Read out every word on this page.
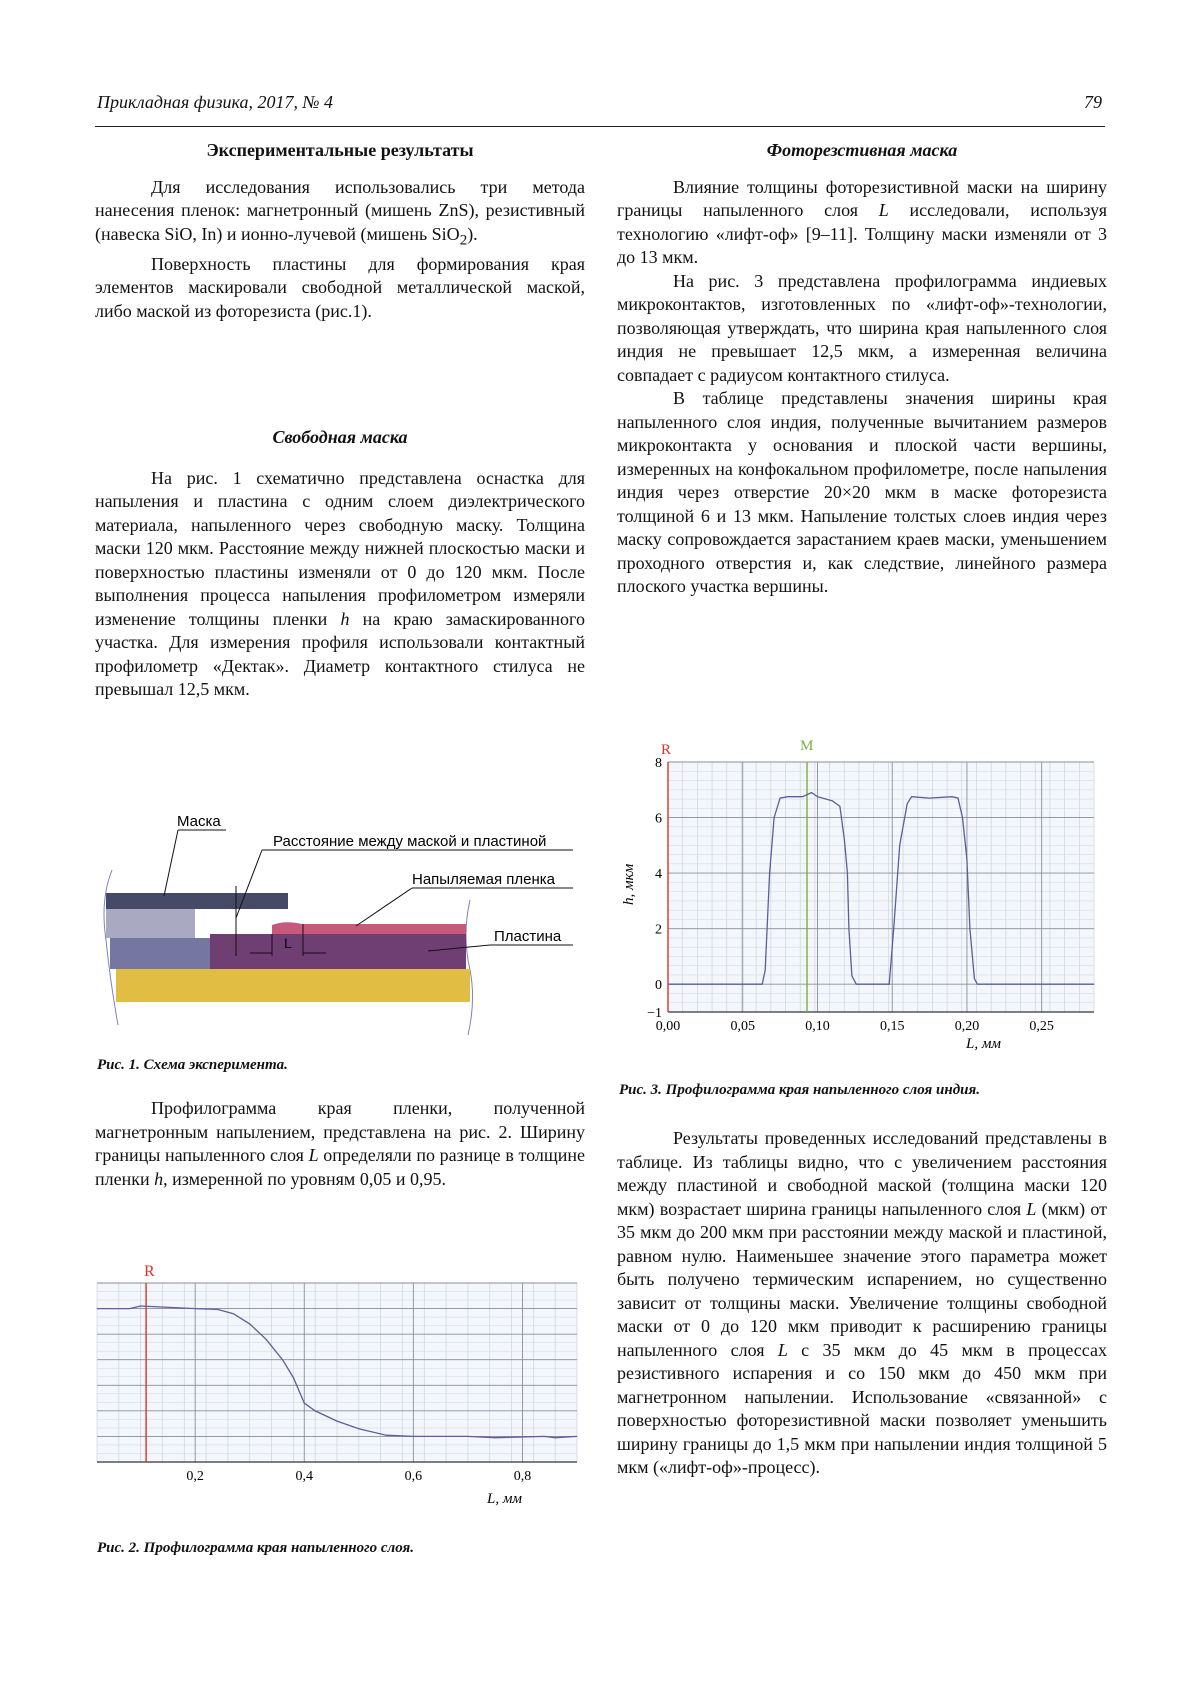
Прикладная физика, 2017, № 4	79

Экспериментальные результаты

Для исследования использовались три метода нанесения пленок: магнетронный (мишень ZnS), резистивный (навеска SiO, In) и ионно-лучевой (мишень SiO$_2$).

Поверхность пластины для формирования края элементов маскировали свободной металлической маской, либо маской из фоторезиста (рис.1).

Свободная маска

На рис. 1 схематично представлена оснастка для напыления и пластина с одним слоем диэлектрического материала, напыленного через свободную маску. Толщина маски 120 мкм. Расстояние между нижней плоскостью маски и поверхностью пластины изменяли от 0 до 120 мкм. После выполнения процесса напыления профилометром измеряли изменение толщины пленки h на краю замаскированного участка. Для измерения профиля использовали контактный профилометр «Дектак». Диаметр контактного стилуса не превышал 12,5 мкм.

Маска
Расстояние между маской и пластиной
Напыляемая пленка
Пластина
L
Рис. 1. Схема эксперимента.

Профилограмма края пленки, полученной магнетронным напылением, представлена на рис. 2. Ширину границы напыленного слоя L определяли по разнице в толщине пленки h, измеренной по уровням 0,05 и 0,95.

0,2	0,4	0,6	0,8
R
L, мм
Рис. 2. Профилограмма края напыленного слоя.

Фоторезстивная маска

Влияние толщины фоторезистивной маски на ширину границы напыленного слоя L исследовали, используя технологию «лифт-оф» [9–11]. Толщину маски изменяли от 3 до 13 мкм.

На рис. 3 представлена профилограмма индиевых микроконтактов, изготовленных по «лифт-оф»-технологии, позволяющая утверждать, что ширина края напыленного слоя индия не превышает 12,5 мкм, а измеренная величина совпадает с радиусом контактного стилуса.

В таблице представлены значения ширины края напыленного слоя индия, полученные вычитанием размеров микроконтакта у основания и плоской части вершины, измеренных на конфокальном профилометре, после напыления индия через отверстие 20×20 мкм в маске фоторезиста толщиной 6 и 13 мкм. Напыление толстых слоев индия через маску сопровождается зарастанием краев маски, уменьшением проходного отверстия и, как следствие, линейного размера плоского участка вершины.

0,00	0,05	0,10	0,15	0,20	0,25
−1
0
2
4
6
8
R	M
h, мкм
L, мм
Рис. 3. Профилограмма края напыленного слоя индия.

Результаты проведенных исследований представлены в таблице. Из таблицы видно, что с увеличением расстояния между пластиной и свободной маской (толщина маски 120 мкм) возрастает ширина границы напыленного слоя L (мкм) от 35 мкм до 200 мкм при расстоянии между маской и пластиной, равном нулю. Наименьшее значение этого параметра может быть получено термическим испарением, но существенно зависит от толщины маски. Увеличение толщины свободной маски от 0 до 120 мкм приводит к расширению границы напыленного слоя L с 35 мкм до 45 мкм в процессах резистивного испарения и со 150 мкм до 450 мкм при магнетронном напылении. Использование «связанной» с поверхностью фоторезистивной маски позволяет уменьшить ширину границы до 1,5 мкм при напылении индия толщиной 5 мкм («лифт-оф»-процесс).
